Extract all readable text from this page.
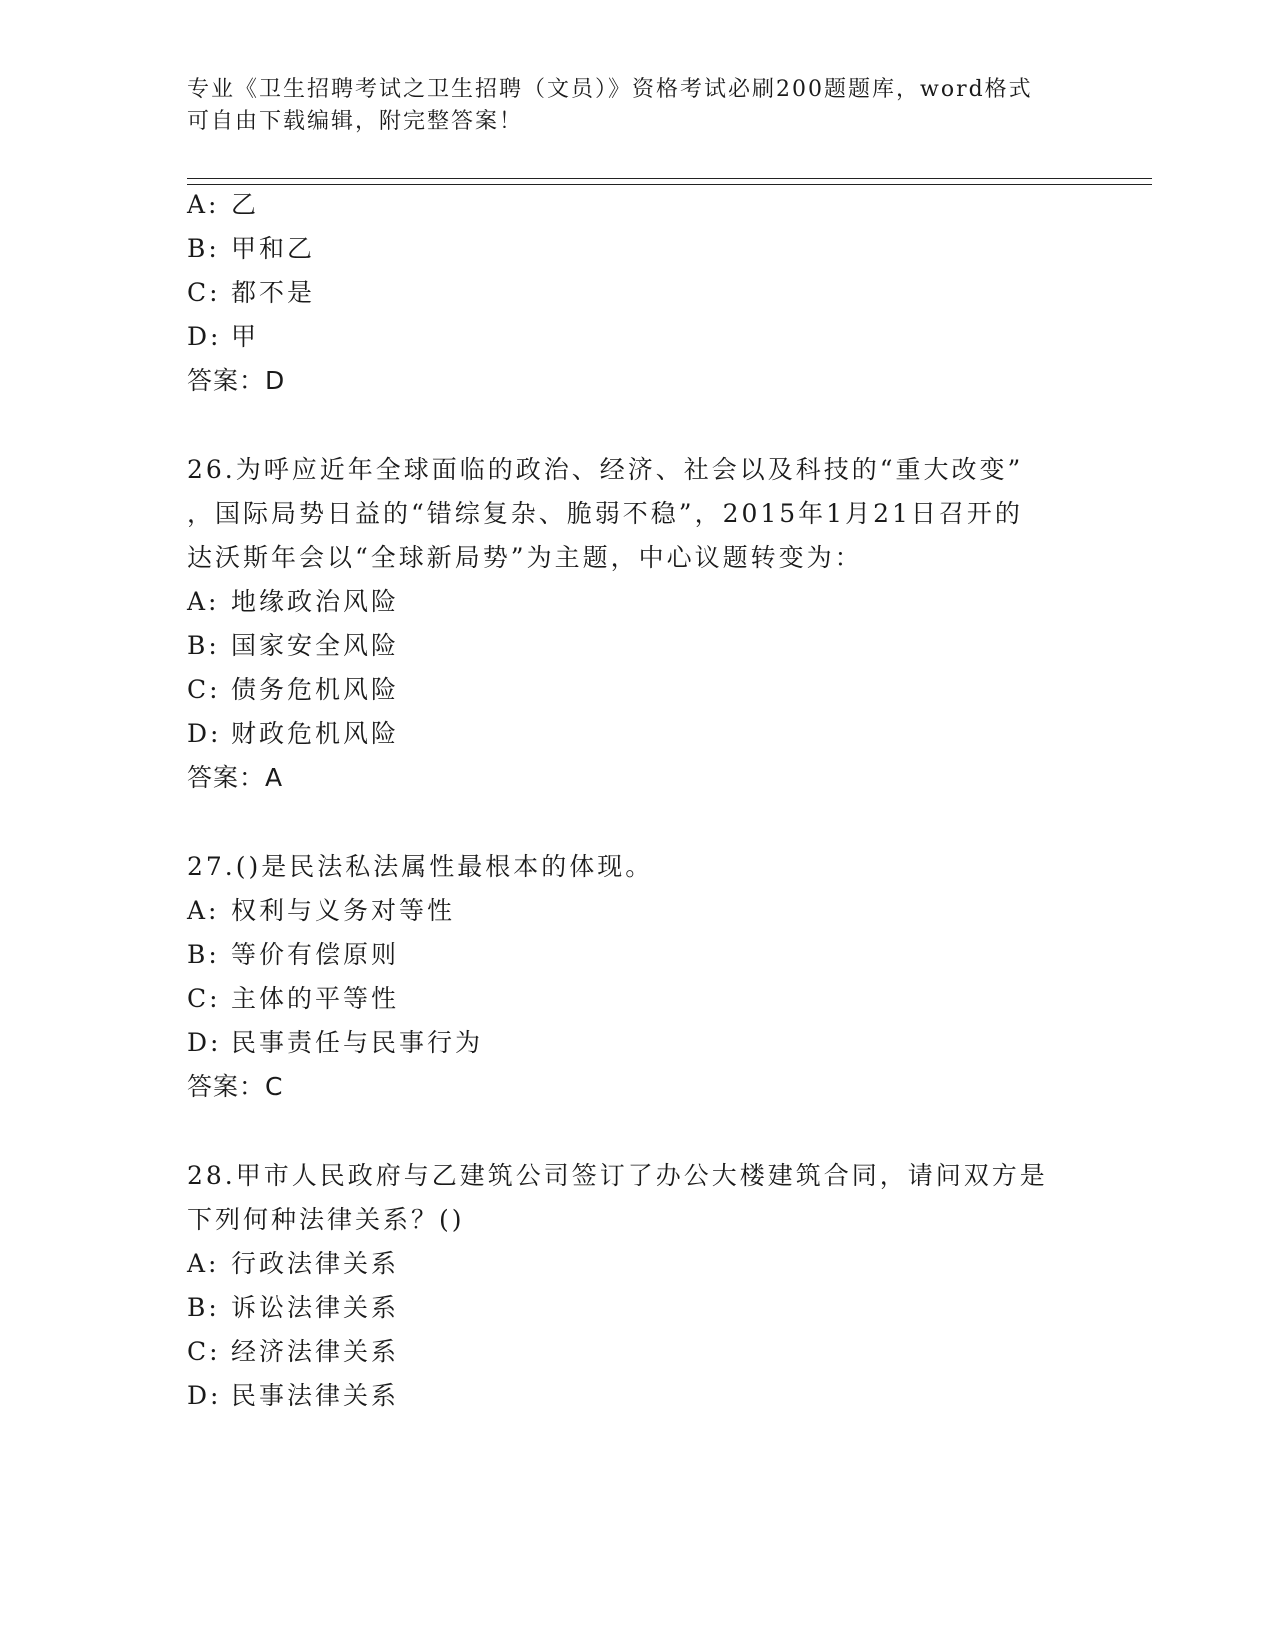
专业《卫生招聘考试之卫生招聘（文员）》资格考试必刷200题题库，word格式
可自由下载编辑，附完整答案！
A: 乙
B: 甲和乙
C: 都不是
D: 甲
答案：D
26.为呼应近年全球面临的政治、经济、社会以及科技的“重大改变”
，国际局势日益的“错综复杂、脆弱不稳”，2015年1月21日召开的
达沃斯年会以“全球新局势”为主题，中心议题转变为：
A: 地缘政治风险
B: 国家安全风险
C: 债务危机风险
D: 财政危机风险
答案：A
27.()是民法私法属性最根本的体现。
A: 权利与义务对等性
B: 等价有偿原则
C: 主体的平等性
D: 民事责任与民事行为
答案：C
28.甲市人民政府与乙建筑公司签订了办公大楼建筑合同，请问双方是
下列何种法律关系？()
A: 行政法律关系
B: 诉讼法律关系
C: 经济法律关系
D: 民事法律关系
